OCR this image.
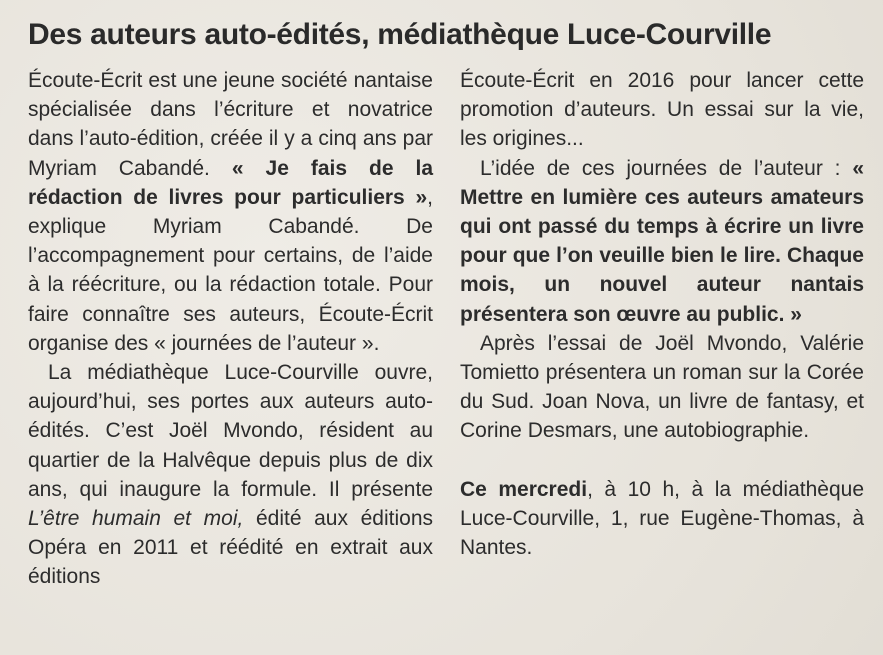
Des auteurs auto-édités, médiathèque Luce-Courville

Écoute-Écrit est une jeune société nantaise spécialisée dans l’écriture et novatrice dans l’auto-édition, créée il y a cinq ans par Myriam Cabandé. « Je fais de la rédaction de livres pour particuliers », explique Myriam Cabandé. De l’accompagnement pour certains, de l’aide à la réécriture, ou la rédaction totale. Pour faire connaître ses auteurs, Écoute-Écrit organise des « journées de l’auteur ».

La médiathèque Luce-Courville ouvre, aujourd’hui, ses portes aux auteurs auto-édités. C’est Joël Mvondo, résident au quartier de la Halvêque depuis plus de dix ans, qui inaugure la formule. Il présente L’être humain et moi, édité aux éditions Opéra en 2011 et réédité en extrait aux éditions

Écoute-Écrit en 2016 pour lancer cette promotion d’auteurs. Un essai sur la vie, les origines...

L’idée de ces journées de l’auteur : « Mettre en lumière ces auteurs amateurs qui ont passé du temps à écrire un livre pour que l’on veuille bien le lire. Chaque mois, un nouvel auteur nantais présentera son œuvre au public. »

Après l’essai de Joël Mvondo, Valérie Tomietto présentera un roman sur la Corée du Sud. Joan Nova, un livre de fantasy, et Corine Desmars, une autobiographie.

Ce mercredi, à 10 h, à la médiathèque Luce-Courville, 1, rue Eugène-Thomas, à Nantes.
